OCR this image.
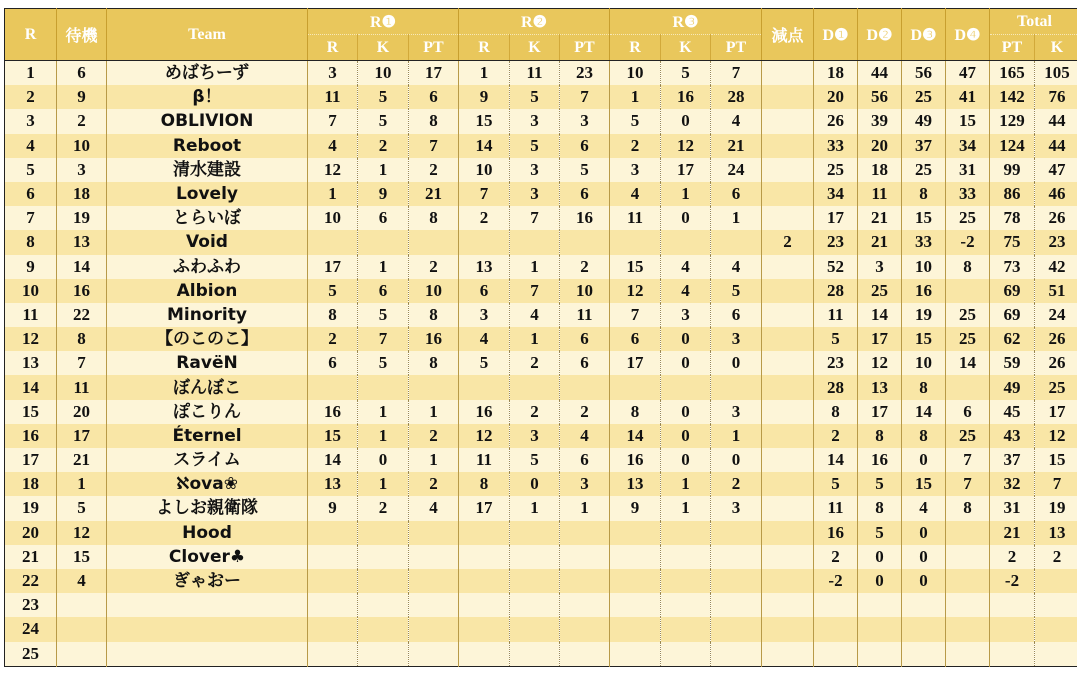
R	待機	Team	R❶			R❷			R❸			減点	D❶	D❷	D❸	D❹	Total	
			R	K	PT	R	K	PT	R	K	PT						PT	K
1	6	めばちーず	3	10	17	1	11	23	10	5	7		18	44	56	47	165	105
2	9	β！	11	5	6	9	5	7	1	16	28		20	56	25	41	142	76
3	2	OBLIVION	7	5	8	15	3	3	5	0	4		26	39	49	15	129	44
4	10	Reboot	4	2	7	14	5	6	2	12	21		33	20	37	34	124	44
5	3	清水建設	12	1	2	10	3	5	3	17	24		25	18	25	31	99	47
6	18	Lovely	1	9	21	7	3	6	4	1	6		34	11	8	33	86	46
7	19	とらいぼ	10	6	8	2	7	16	11	0	1		17	21	15	25	78	26
8	13	Void										2	23	21	33	-2	75	23
9	14	ふわふわ	17	1	2	13	1	2	15	4	4		52	3	10	8	73	42
10	16	Albion	5	6	10	6	7	10	12	4	5		28	25	16		69	51
11	22	Minority	8	5	8	3	4	11	7	3	6		11	14	19	25	69	24
12	8	【のこのこ】	2	7	16	4	1	6	6	0	3		5	17	15	25	62	26
13	7	RavëN	6	5	8	5	2	6	17	0	0		23	12	10	14	59	26
14	11	ぼんぼこ											28	13	8		49	25
15	20	ぽこりん	16	1	1	16	2	2	8	0	3		8	17	14	6	45	17
16	17	Éternel	15	1	2	12	3	4	14	0	1		2	8	8	25	43	12
17	21	スライム	14	0	1	11	5	6	16	0	0		14	16	0	7	37	15
18	1	ℵova❀	13	1	2	8	0	3	13	1	2		5	5	15	7	32	7
19	5	よしお親衛隊	9	2	4	17	1	1	9	1	3		11	8	4	8	31	19
20	12	Hood											16	5	0		21	13
21	15	Clover♣											2	0	0		2	2
22	4	ぎゃおー											-2	0	0		-2	
23																		
24																		
25																		
